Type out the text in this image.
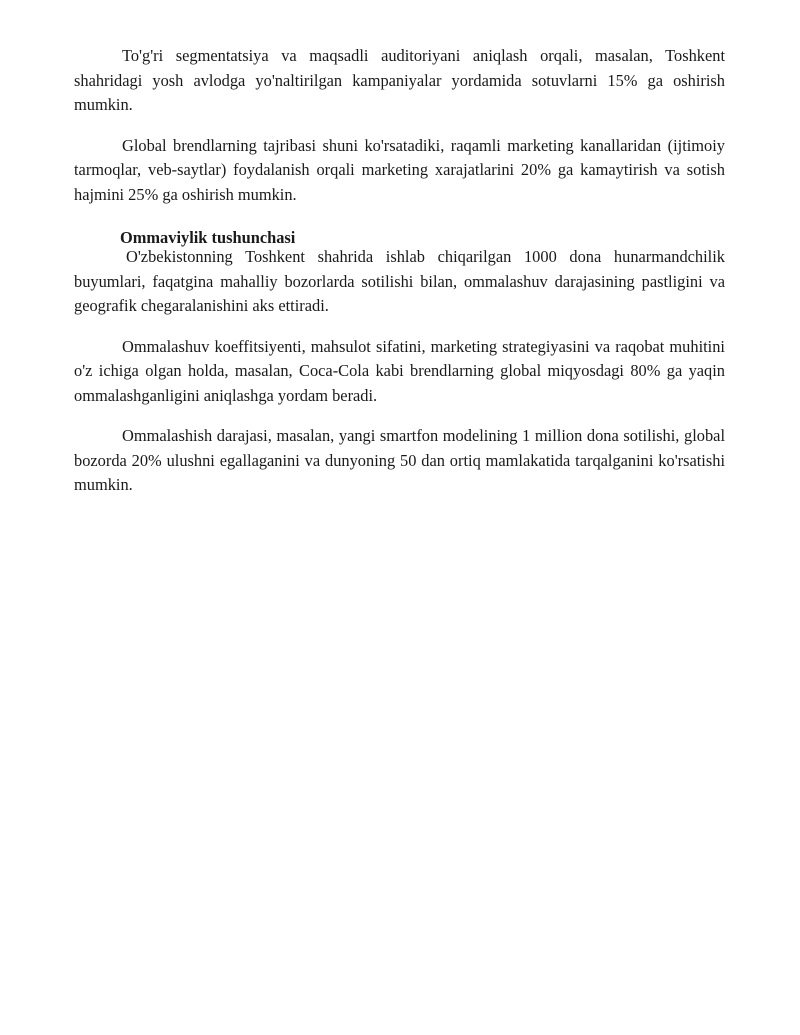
To'g'ri segmentatsiya va maqsadli auditoriyani aniqlash orqali, masalan, Toshkent shahridagi yosh avlodga yo'naltirilgan kampaniyalar yordamida sotuvlarni 15% ga oshirish mumkin.

Global brendlarning tajribasi shuni ko'rsatadiki, raqamli marketing kanallaridan (ijtimoiy tarmoqlar, veb-saytlar) foydalanish orqali marketing xarajatlarini 20% ga kamaytirish va sotish hajmini 25% ga oshirish mumkin.

Ommaviylik tushunchasi

O'zbekistonning Toshkent shahrida ishlab chiqarilgan 1000 dona hunarmandchilik buyumlari, faqatgina mahalliy bozorlarda sotilishi bilan, ommalashuv darajasining pastligini va geografik chegaralanishini aks ettiradi.

Ommalashuv koeffitsiyenti, mahsulot sifatini, marketing strategiyasini va raqobat muhitini o'z ichiga olgan holda, masalan, Coca-Cola kabi brendlarning global miqyosdagi 80% ga yaqin ommalashganligini aniqlashga yordam beradi.

Ommalashish darajasi, masalan, yangi smartfon modelining 1 million dona sotilishi, global bozorda 20% ulushni egallaganini va dunyoning 50 dan ortiq mamlakatida tarqalganini ko'rsatishi mumkin.
